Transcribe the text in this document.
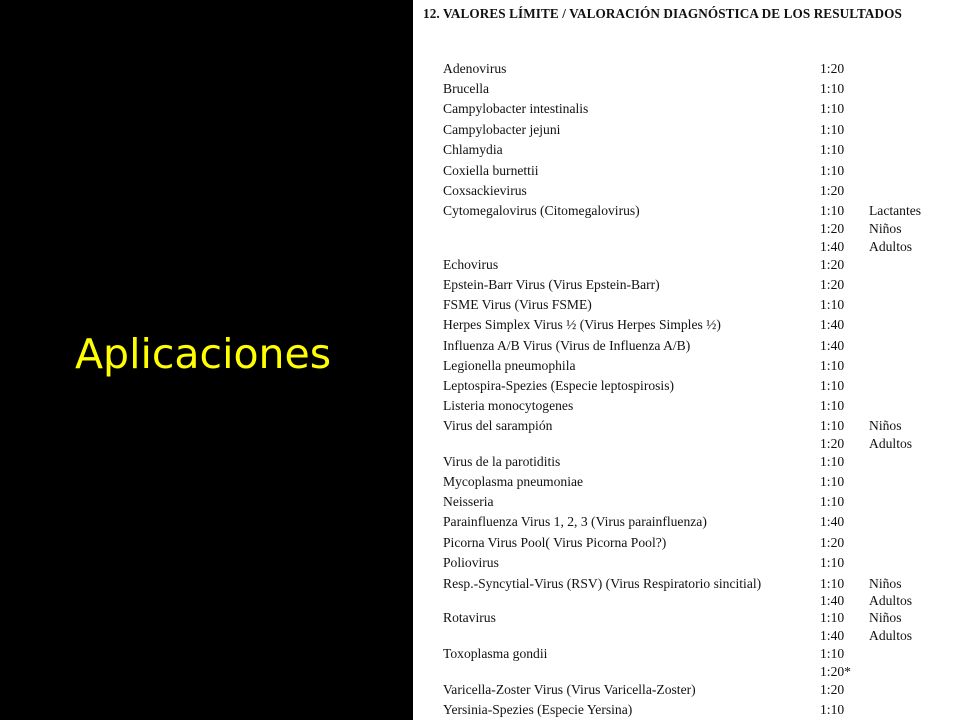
Aplicaciones
12. VALORES LÍMITE / VALORACIÓN DIAGNÓSTICA DE LOS RESULTADOS
Adenovirus	1:20
Brucella	1:10
Campylobacter intestinalis	1:10
Campylobacter jejuni	1:10
Chlamydia	1:10
Coxiella burnettii	1:10
Coxsackievirus	1:20
Cytomegalovirus (Citomegalovirus)	1:10 Lactantes
1:20 Niños
1:40 Adultos
Echovirus	1:20
Epstein-Barr Virus (Virus Epstein-Barr)	1:20
FSME Virus (Virus FSME)	1:10
Herpes Simplex Virus ½ (Virus Herpes Simples ½)	1:40
Influenza A/B Virus (Virus de Influenza A/B)	1:40
Legionella pneumophila	1:10
Leptospira-Spezies (Especie leptospirosis)	1:10
Listeria monocytogenes	1:10
Virus del sarampión	1:10 Niños
1:20 Adultos
Virus de la parotiditis	1:10
Mycoplasma pneumoniae	1:10
Neisseria	1:10
Parainfluenza Virus 1, 2, 3 (Virus parainfluenza)	1:40
Picorna Virus Pool( Virus Picorna Pool?)	1:20
Poliovirus	1:10
Resp.-Syncytial-Virus (RSV) (Virus Respiratorio sincitial)	1:10 Niños
1:40 Adultos
Rotavirus	1:10 Niños
1:40 Adultos
Toxoplasma gondii	1:10
1:20*
Varicella-Zoster Virus (Virus Varicella-Zoster)	1:20
Yersinia-Spezies (Especie Yersina)	1:10
